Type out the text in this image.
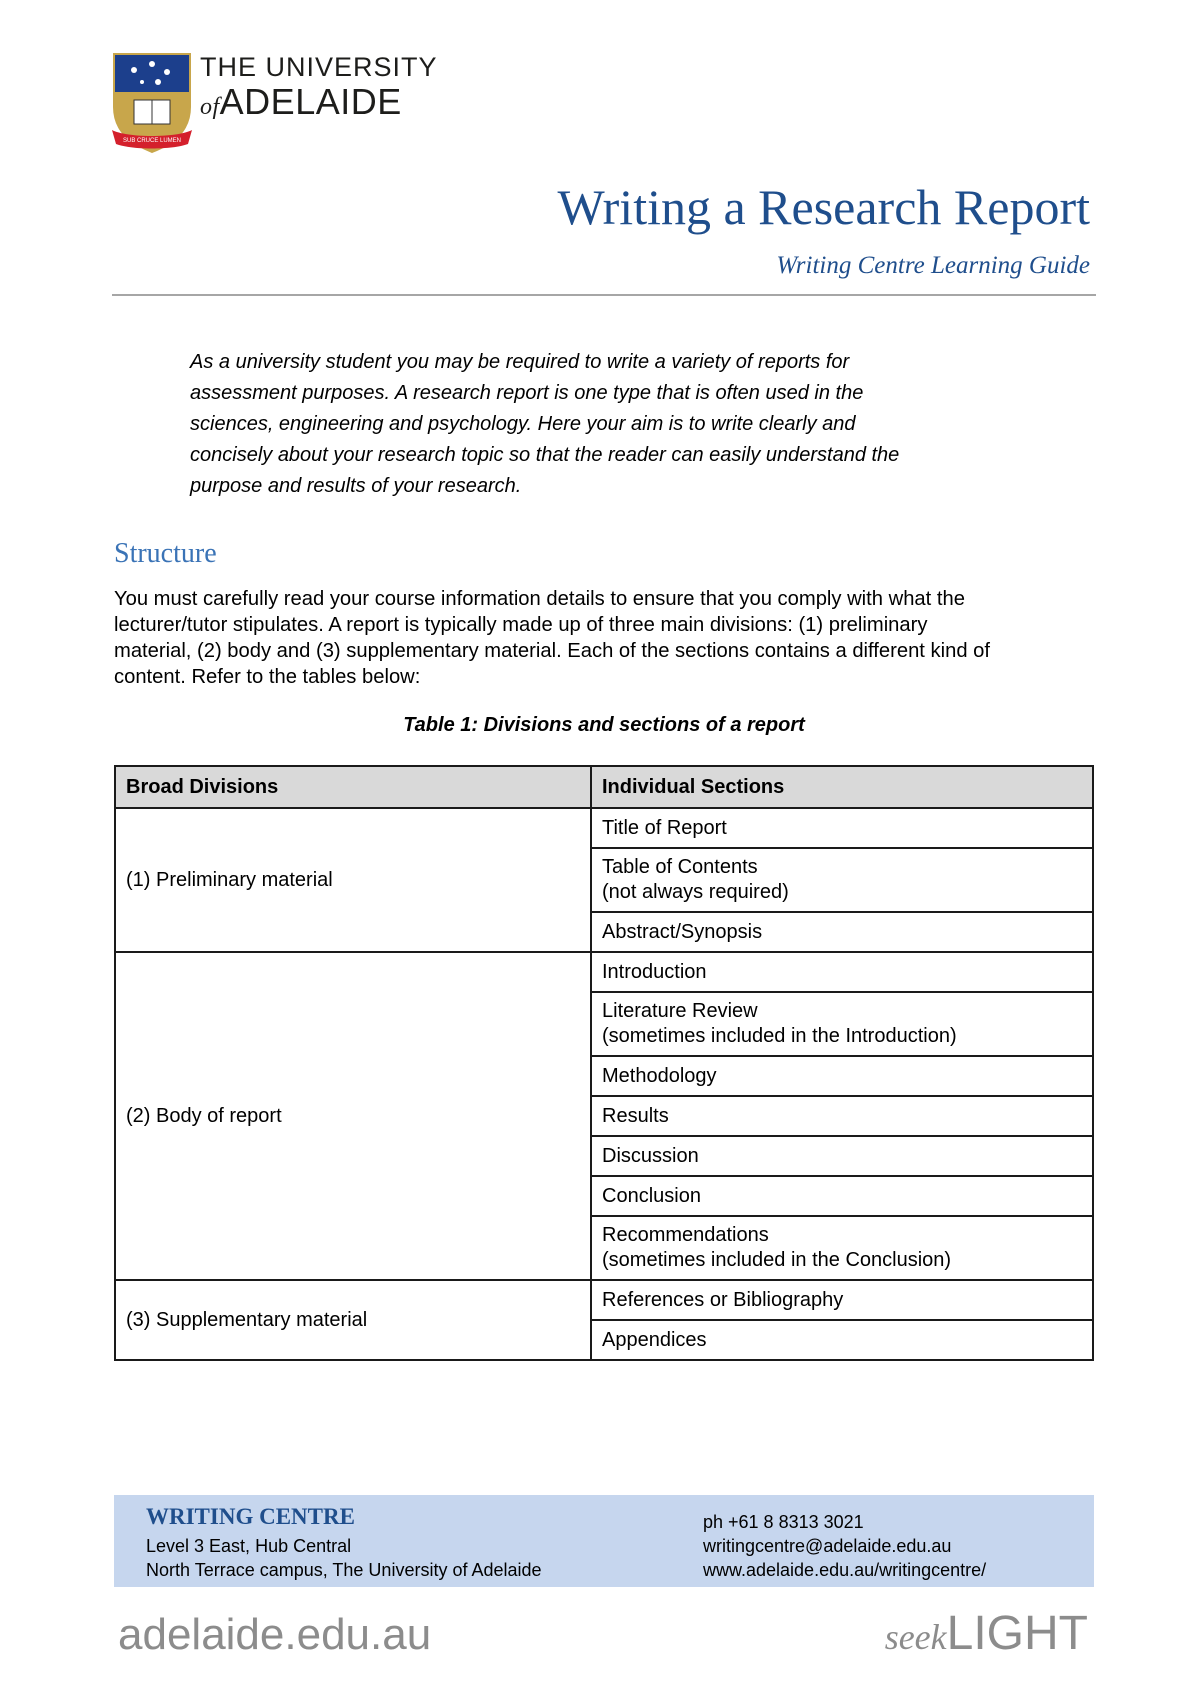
SUB CRUCE LUMEN
THE UNIVERSITY
ofADELAIDE
Writing a Research Report
Writing Centre Learning Guide
As a university student you may be required to write a variety of reports for
assessment purposes. A research report is one type that is often used in the
sciences, engineering and psychology. Here your aim is to write clearly and
concisely about your research topic so that the reader can easily understand the
purpose and results of your research.
Structure
You must carefully read your course information details to ensure that you comply with what the
lecturer/tutor stipulates. A report is typically made up of three main divisions: (1) preliminary
material, (2) body and (3) supplementary material. Each of the sections contains a different kind of
content. Refer to the tables below:
Table 1: Divisions and sections of a report
Broad Divisions	Individual Sections
(1) Preliminary material	Title of Report

	Table of Contents
(not always required)

	Abstract/Synopsis
(2) Body of report	Introduction

	Literature Review
(sometimes included in the Introduction)

	Methodology
	Results
	Discussion
	Conclusion

	Recommendations
(sometimes included in the Conclusion)

(3) Supplementary material	References or Bibliography
	Appendices
WRITING CENTRE
Level 3 East, Hub Central
North Terrace campus, The University of Adelaide
ph +61 8 8313 3021
writingcentre@adelaide.edu.au
www.adelaide.edu.au/writingcentre/
adelaide.edu.au	seekLIGHT
